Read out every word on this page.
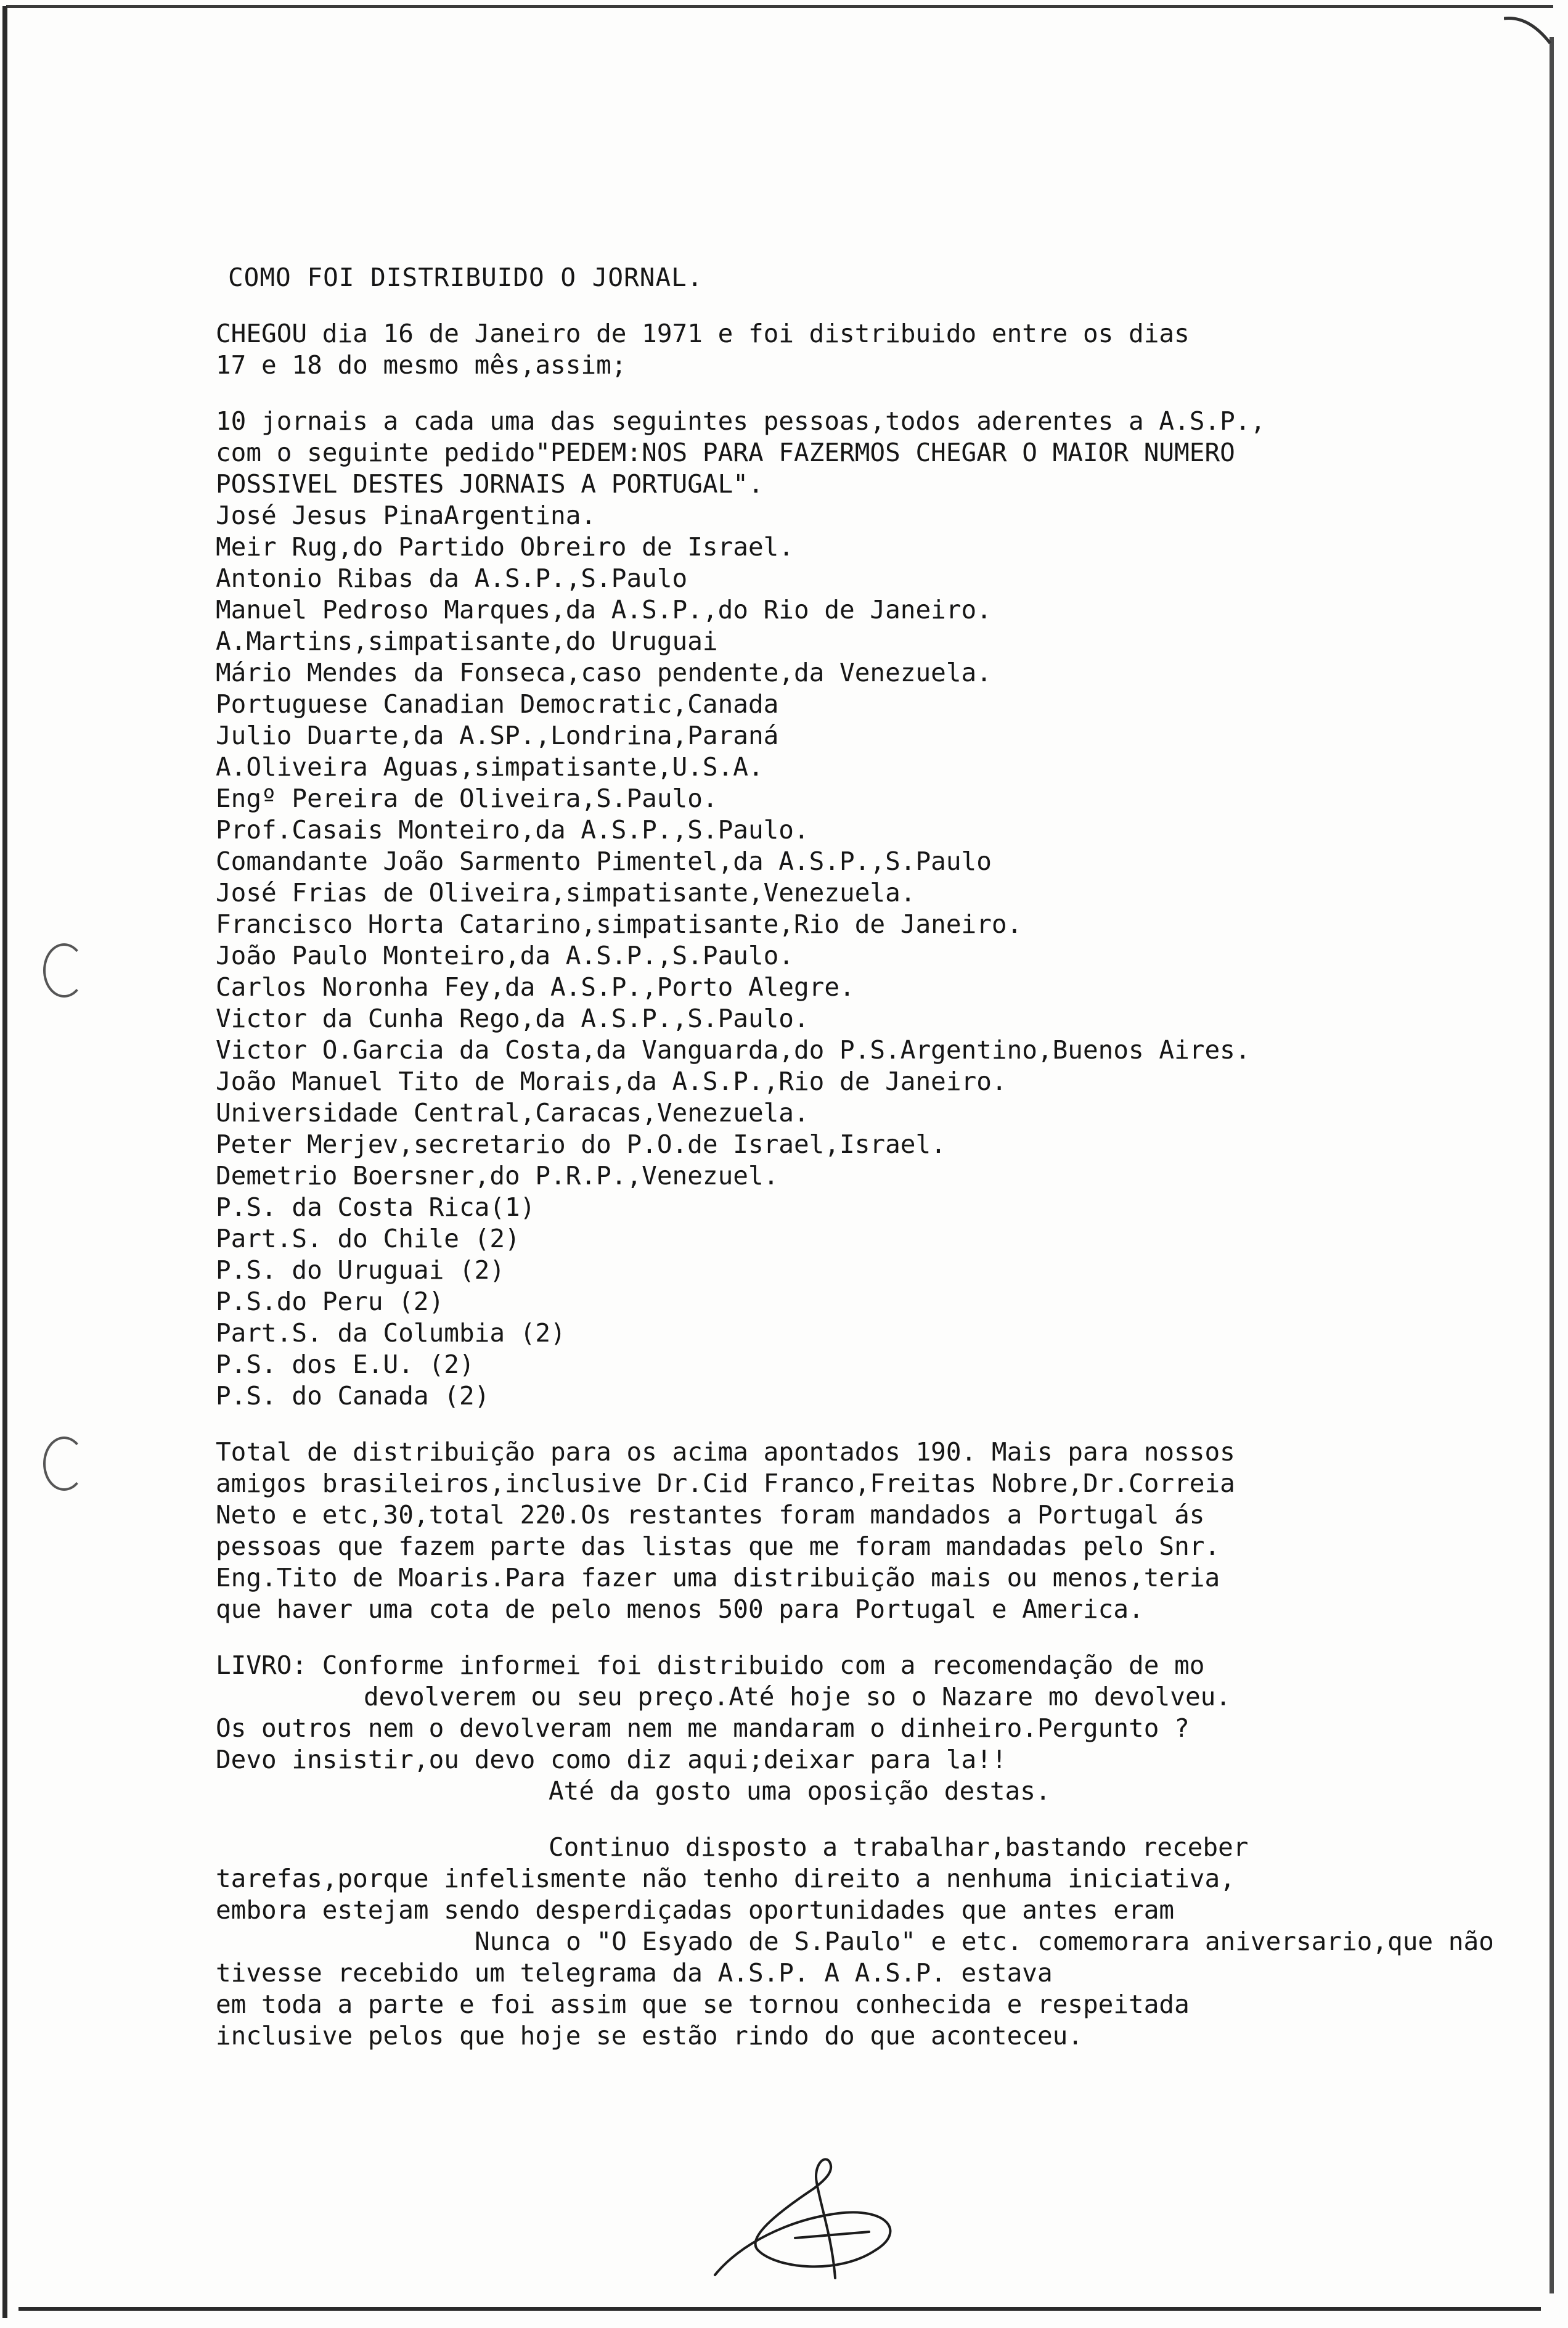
COMO FOI DISTRIBUIDO O JORNAL.
CHEGOU dia 16 de Janeiro de 1971 e foi distribuido entre os dias
17 e 18 do mesmo mês,assim;
10 jornais a cada uma das seguintes pessoas,todos aderentes a A.S.P.,
com o seguinte pedido"PEDEM:NOS PARA FAZERMOS CHEGAR O MAIOR NUMERO
POSSIVEL DESTES JORNAIS A PORTUGAL".
José Jesus PinaArgentina.
Meir Rug,do Partido Obreiro de Israel.
Antonio Ribas da A.S.P.,S.Paulo
Manuel Pedroso Marques,da A.S.P.,do Rio de Janeiro.
A.Martins,simpatisante,do Uruguai
Mário Mendes da Fonseca,caso pendente,da Venezuela.
Portuguese Canadian Democratic,Canada
Julio Duarte,da A.SP.,Londrina,Paraná
A.Oliveira Aguas,simpatisante,U.S.A.
Engº Pereira de Oliveira,S.Paulo.
Prof.Casais Monteiro,da A.S.P.,S.Paulo.
Comandante João Sarmento Pimentel,da A.S.P.,S.Paulo
José Frias de Oliveira,simpatisante,Venezuela.
Francisco Horta Catarino,simpatisante,Rio de Janeiro.
João Paulo Monteiro,da A.S.P.,S.Paulo.
Carlos Noronha Fey,da A.S.P.,Porto Alegre.
Victor da Cunha Rego,da A.S.P.,S.Paulo.
Victor O.Garcia da Costa,da Vanguarda,do P.S.Argentino,Buenos Aires.
João Manuel Tito de Morais,da A.S.P.,Rio de Janeiro.
Universidade Central,Caracas,Venezuela.
Peter Merjev,secretario do P.O.de Israel,Israel.
Demetrio Boersner,do P.R.P.,Venezuel.
P.S. da Costa Rica(1)
Part.S. do Chile (2)
P.S. do Uruguai (2)
P.S.do Peru (2)
Part.S. da Columbia (2)
P.S. dos E.U. (2)
P.S. do Canada (2)
Total de distribuição para os acima apontados 190. Mais para nossos
amigos brasileiros,inclusive Dr.Cid Franco,Freitas Nobre,Dr.Correia
Neto e etc,30,total 220.Os restantes foram mandados a Portugal ás
pessoas que fazem parte das listas que me foram mandadas pelo Snr.
Eng.Tito de Moaris.Para fazer uma distribuição mais ou menos,teria
que haver uma cota de pelo menos 500 para Portugal e America.
LIVRO: Conforme informei foi distribuido com a recomendação de mo
devolverem ou seu preço.Até hoje so o Nazare mo devolveu.
Os outros nem o devolveram nem me mandaram o dinheiro.Pergunto ?
Devo insistir,ou devo como diz aqui;deixar para la!!
Até da gosto uma oposição destas.
Continuo disposto a trabalhar,bastando receber
tarefas,porque infelismente não tenho direito a nenhuma iniciativa,
embora estejam sendo desperdiçadas oportunidades que antes eram
Nunca o "O Esyado de S.Paulo" e etc. comemorara aniversario,que não tivesse recebido um telegrama da A.S.P. A A.S.P. estava
em toda a parte e foi assim que se tornou conhecida e respeitada
inclusive pelos que hoje se estão rindo do que aconteceu.
